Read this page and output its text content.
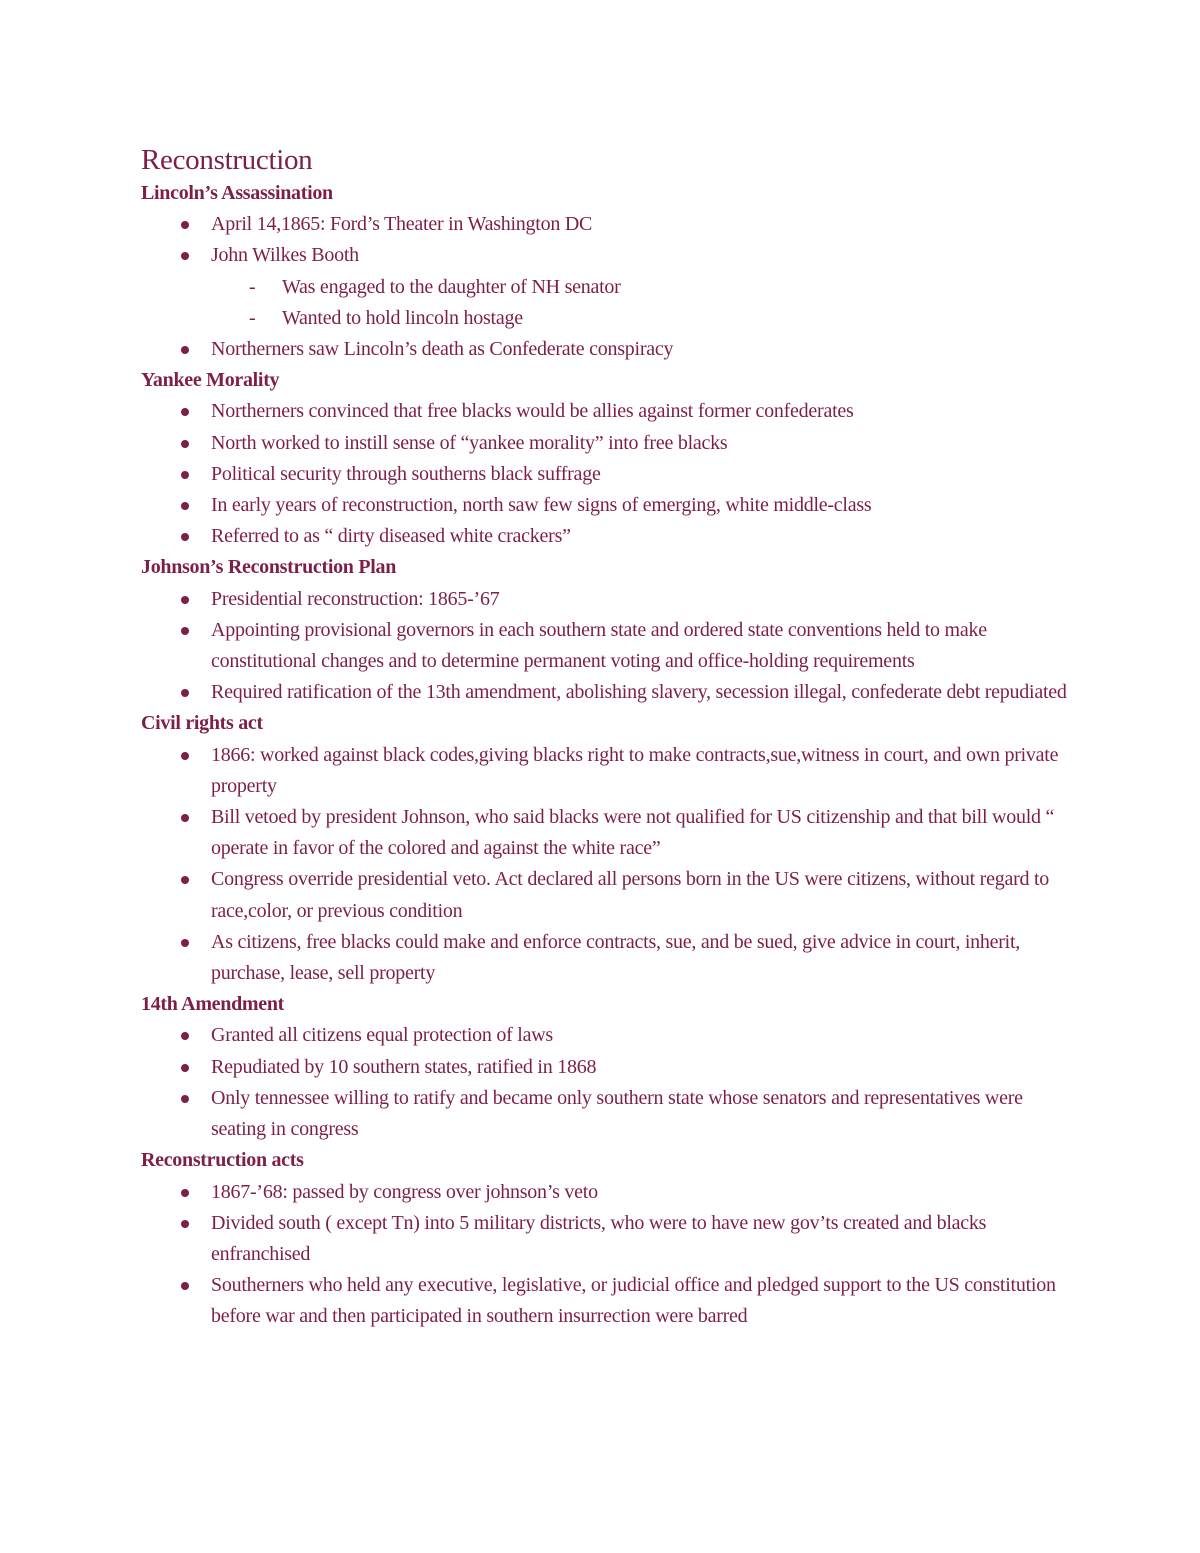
Reconstruction
Lincoln’s Assassination
April 14,1865: Ford’s Theater in Washington DC
John Wilkes Booth
-	Was engaged to the daughter of NH senator
-	Wanted to hold lincoln hostage
Northerners saw Lincoln’s death as Confederate conspiracy
Yankee Morality
Northerners convinced that free blacks would be allies against former confederates
North worked to instill sense of “yankee morality” into free blacks
Political security through southerns black suffrage
In early years of reconstruction, north saw few signs of emerging, white middle-class
Referred to as “ dirty diseased white crackers”
Johnson’s Reconstruction Plan
Presidential reconstruction: 1865-’67
Appointing provisional governors in each southern state and ordered state conventions held to make constitutional changes and to determine permanent voting and office-holding requirements
Required ratification of the 13th amendment, abolishing slavery, secession illegal, confederate debt repudiated
Civil rights act
1866: worked against black codes,giving blacks right to make contracts,sue,witness in court, and own private property
Bill vetoed by president Johnson, who said blacks were not qualified for US citizenship and that bill would “ operate in favor of the colored and against the white race”
Congress override presidential veto. Act declared all persons born in the US were citizens, without regard to race,color, or previous condition
As citizens, free blacks could make and enforce contracts, sue, and be sued, give advice in court, inherit, purchase, lease, sell property
14th Amendment
Granted all citizens equal protection of laws
Repudiated by 10 southern states, ratified in 1868
Only tennessee willing to ratify and became only southern state whose senators and representatives were seating in congress
Reconstruction acts
1867-’68: passed by congress over johnson’s veto
Divided south ( except Tn) into 5 military districts, who were to have new gov’ts created and blacks enfranchised
Southerners who held any executive, legislative, or judicial office and pledged support to the US constitution before war and then participated in southern insurrection were barred
